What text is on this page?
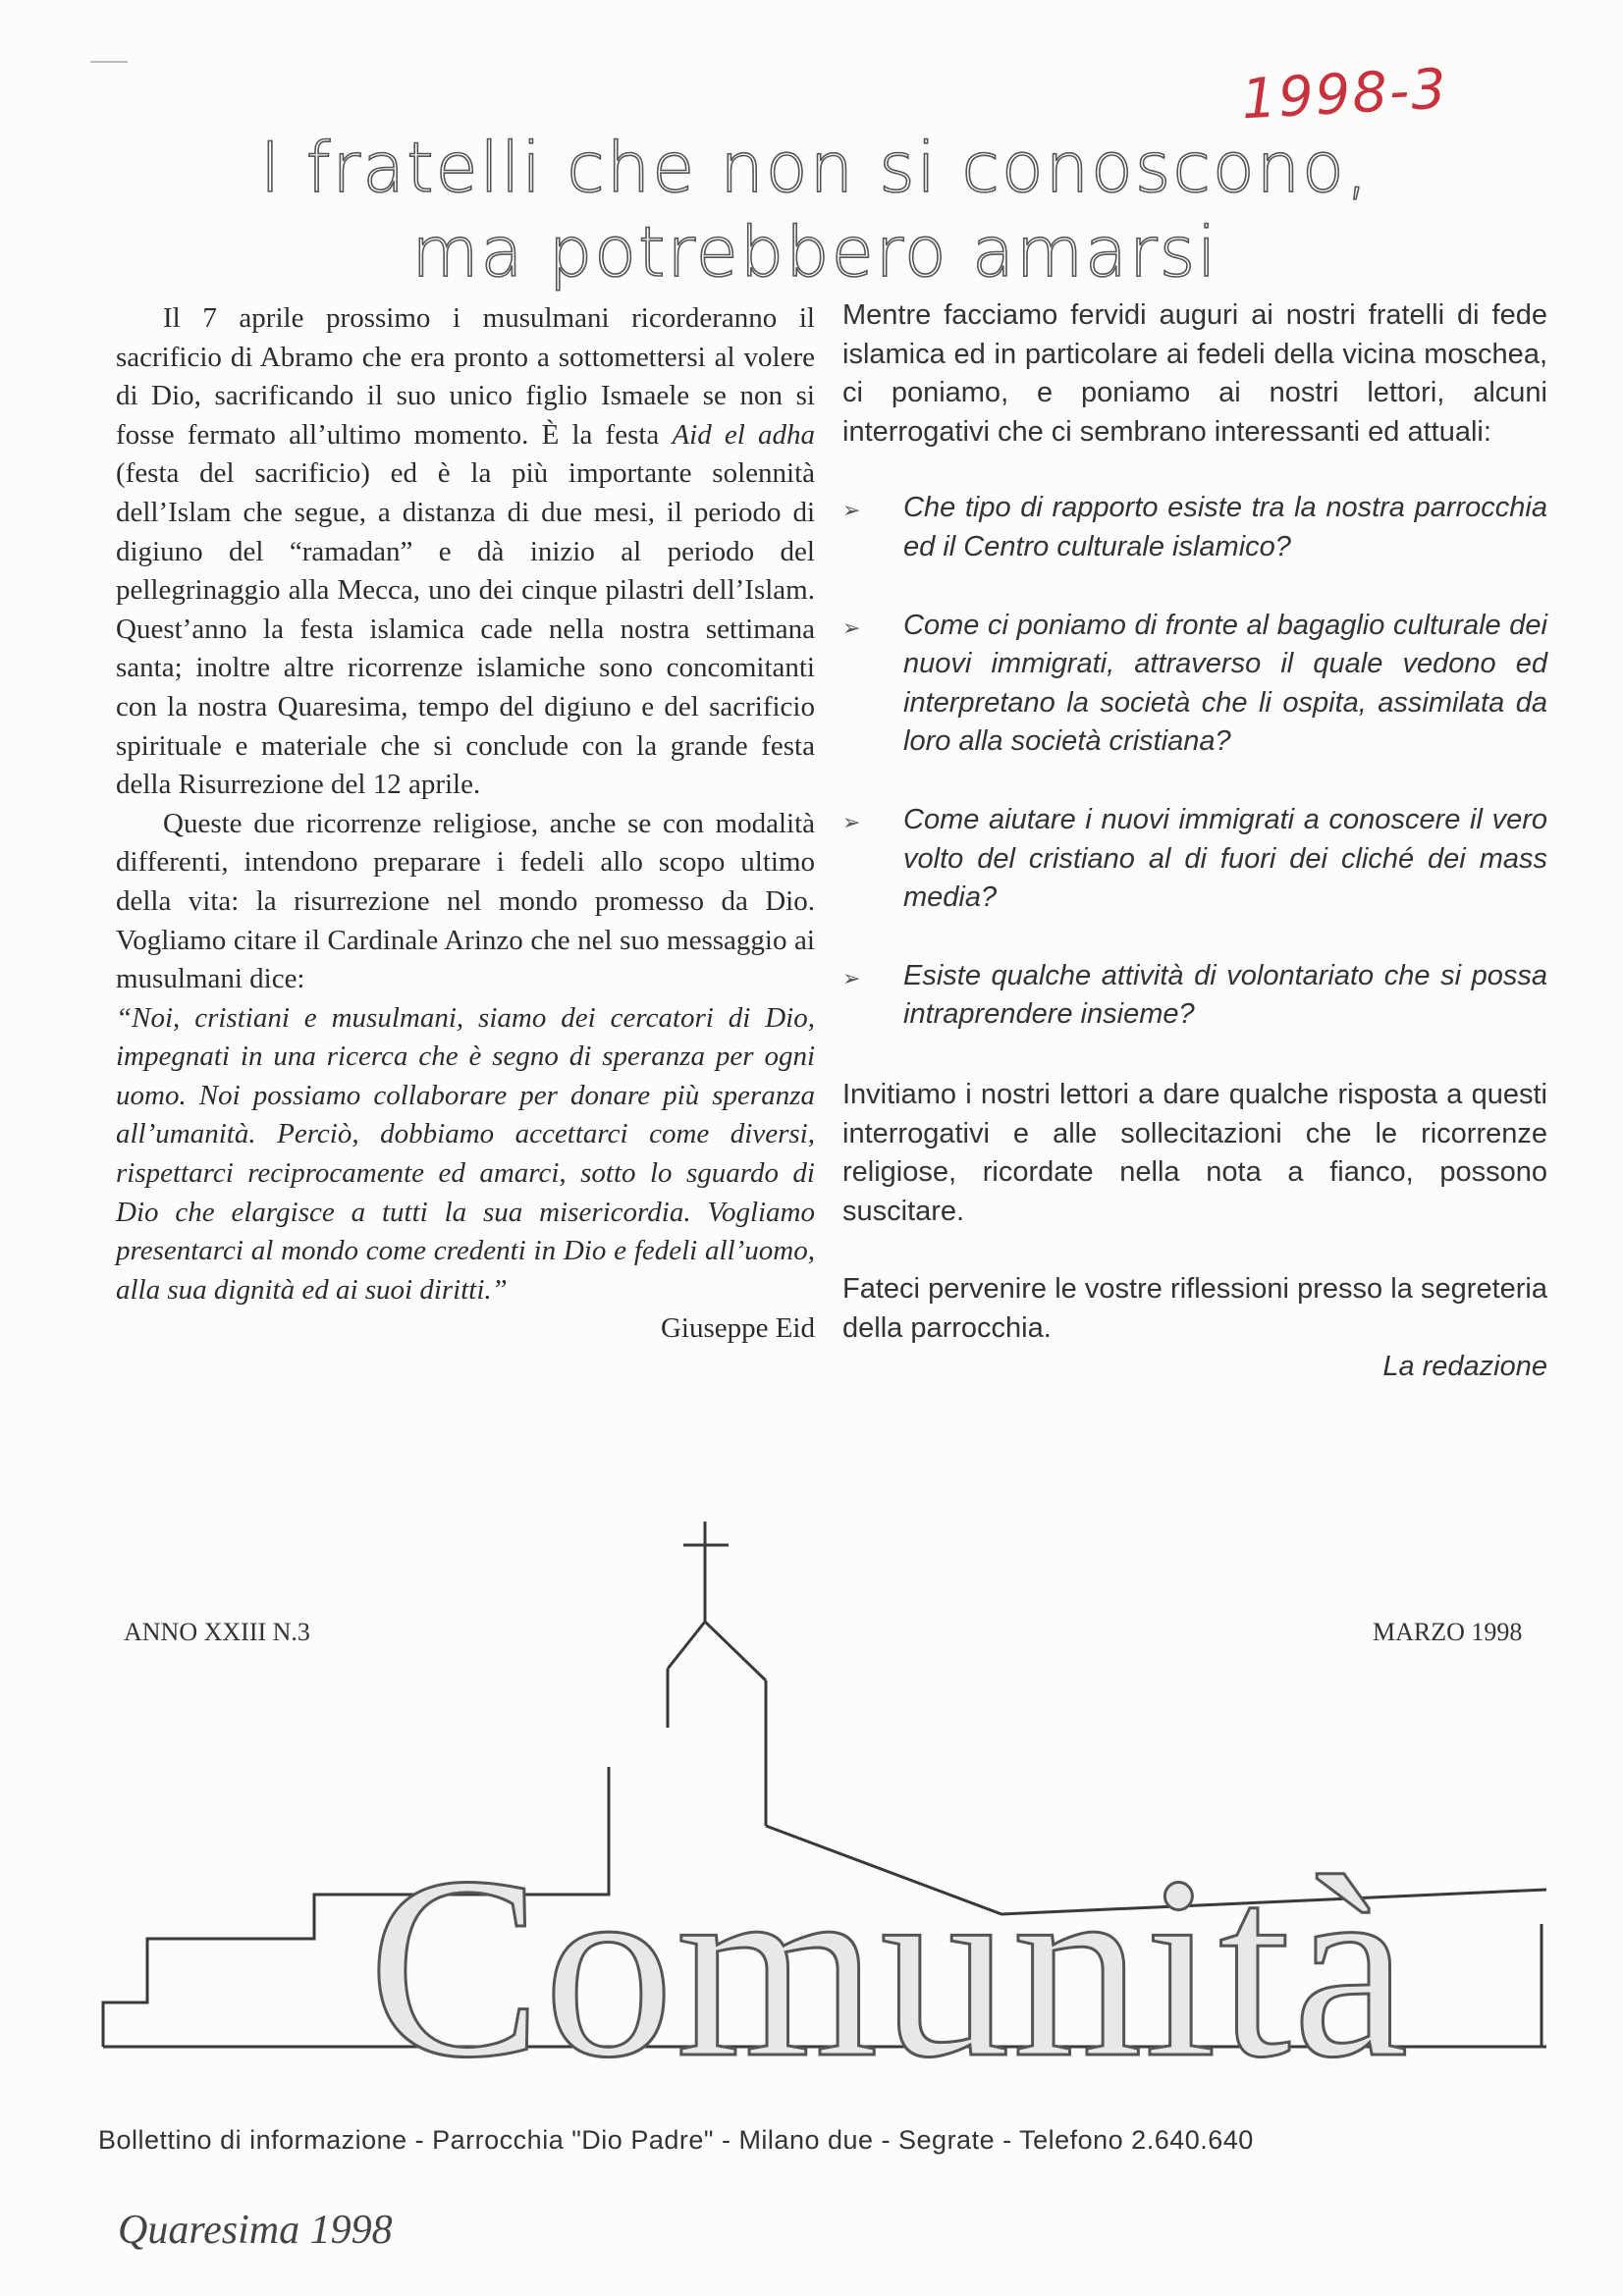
1998-3
I fratelli che non si conoscono,
ma potrebbero amarsi

Il 7 aprile prossimo i musulmani ricorderanno il sacrificio di Abramo che era pronto a sottomettersi al volere di Dio, sacrificando il suo unico figlio Ismaele se non si fosse fermato all’ultimo momento. È la festa Aid el adha (festa del sacrificio) ed è la più importante solennità dell’Islam che segue, a distanza di due mesi, il periodo di digiuno del “ramadan” e dà inizio al periodo del pellegrinaggio alla Mecca, uno dei cinque pilastri dell’Islam. Quest’anno la festa islamica cade nella nostra settimana santa; inoltre altre ricorrenze islamiche sono concomitanti con la nostra Quaresima, tempo del digiuno e del sacrificio spirituale e materiale che si conclude con la grande festa della Risurrezione del 12 aprile.

Queste due ricorrenze religiose, anche se con modalità differenti, intendono preparare i fedeli allo scopo ultimo della vita: la risurrezione nel mondo promesso da Dio. Vogliamo citare il Cardinale Arinzo che nel suo messaggio ai musulmani dice:

“Noi, cristiani e musulmani, siamo dei cercatori di Dio, impegnati in una ricerca che è segno di speranza per ogni uomo. Noi possiamo collaborare per donare più speranza all’umanità. Perciò, dobbiamo accettarci come diversi, rispettarci reciprocamente ed amarci, sotto lo sguardo di Dio che elargisce a tutti la sua misericordia. Vogliamo presentarci al mondo come credenti in Dio e fedeli all’uomo, alla sua dignità ed ai suoi diritti.”

Giuseppe Eid

Mentre facciamo fervidi auguri ai nostri fratelli di fede islamica ed in particolare ai fedeli della vicina moschea, ci poniamo, e poniamo ai nostri lettori, alcuni interrogativi che ci sembrano interessanti ed attuali:

➢ Che tipo di rapporto esiste tra la nostra parrocchia ed il Centro culturale islamico?
➢ Come ci poniamo di fronte al bagaglio culturale dei nuovi immigrati, attraverso il quale vedono ed interpretano la società che li ospita, assimilata da loro alla società cristiana?
➢ Come aiutare i nuovi immigrati a conoscere il vero volto del cristiano al di fuori dei cliché dei mass media?
➢ Esiste qualche attività di volontariato che si possa intraprendere insieme?

Invitiamo i nostri lettori a dare qualche risposta a questi interrogativi e alle sollecitazioni che le ricorrenze religiose, ricordate nella nota a fianco, possono suscitare.

Fateci pervenire le vostre riflessioni presso la segreteria della parrocchia.

La redazione

ANNO XXIII N.3	MARZO 1998
Comunità
Bollettino di informazione - Parrocchia "Dio Padre" - Milano due - Segrate - Telefono 2.640.640
Quaresima 1998
